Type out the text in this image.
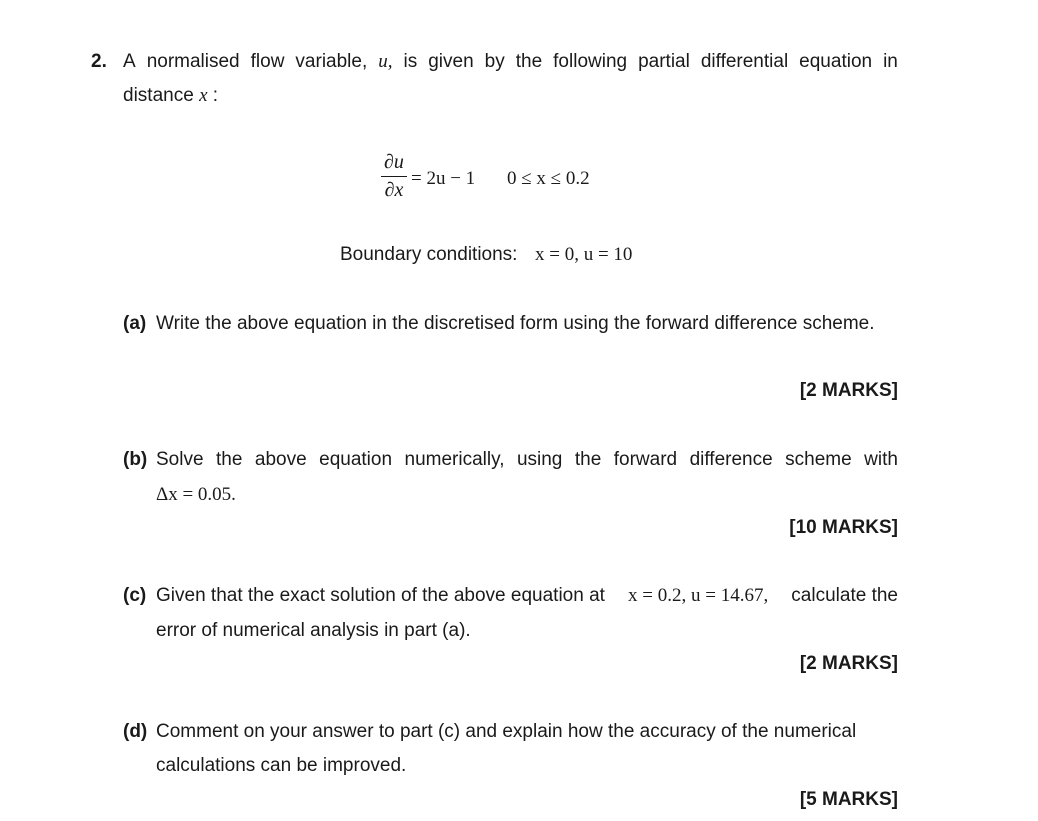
2. A normalised flow variable, u, is given by the following partial differential equation in
distance x :
∂u
∂x
= 2u − 1 0 ≤ x ≤ 0.2
Boundary conditions: x = 0, u = 10
(a) Write the above equation in the discretised form using the forward difference scheme.
[2 MARKS]
(b) Solve the above equation numerically, using the forward difference scheme with
Δx = 0.05.
[10 MARKS]
(c) Given that the exact solution of the above equation at x = 0.2, u = 14.67, calculate the
error of numerical analysis in part (a).
[2 MARKS]
(d) Comment on your answer to part (c) and explain how the accuracy of the numerical
calculations can be improved.
[5 MARKS]
